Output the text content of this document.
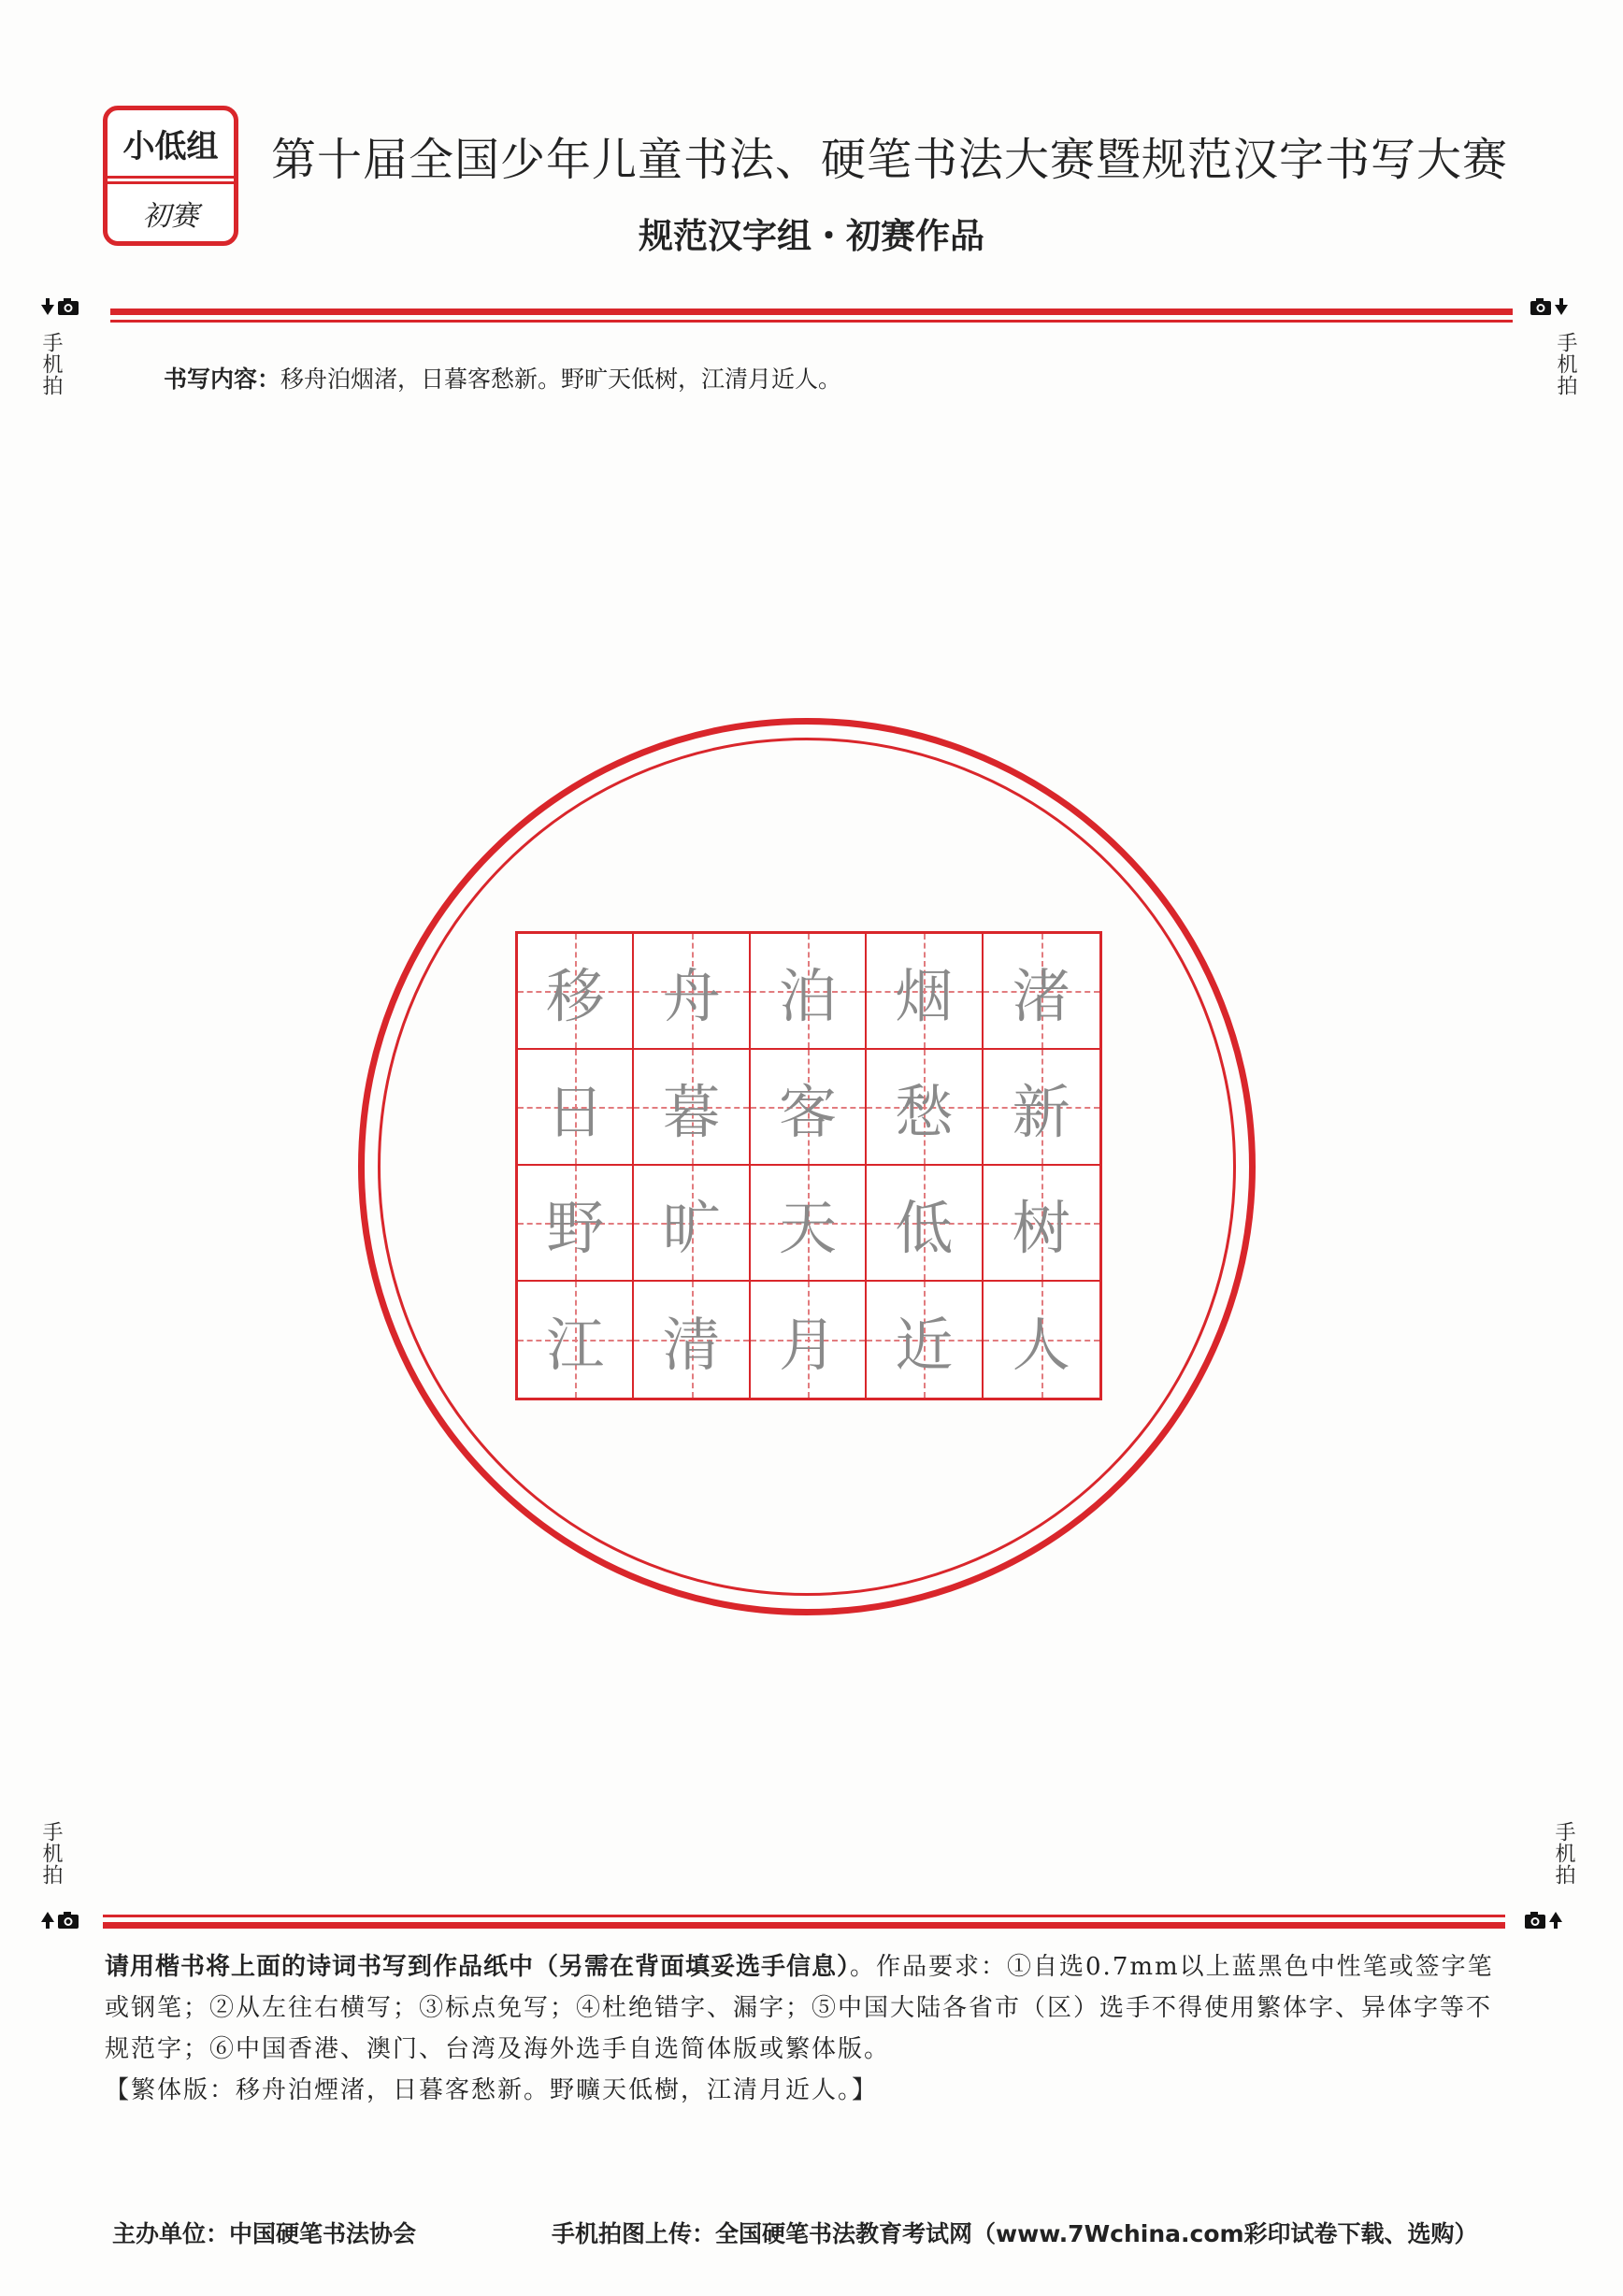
小低组
初赛
第十届全国少年儿童书法、硬笔书法大赛暨规范汉字书写大赛
规范汉字组・初赛作品
手机拍	手机拍
书写内容：移舟泊烟渚，日暮客愁新。野旷天低树，江清月近人。
移 舟 泊 烟 渚
日 暮 客 愁 新
野 旷 天 低 树
江 清 月 近 人
手机拍	手机拍
请用楷书将上面的诗词书写到作品纸中（另需在背面填妥选手信息）。作品要求：①自选0.7mm以上蓝黑色中性笔或签字笔或钢笔；②从左往右横写；③标点免写；④杜绝错字、漏字；⑤中国大陆各省市（区）选手不得使用繁体字、异体字等不规范字；⑥中国香港、澳门、台湾及海外选手自选简体版或繁体版。
【繁体版：移舟泊煙渚，日暮客愁新。野曠天低樹，江清月近人。】
主办单位：中国硬笔书法协会	手机拍图上传：全国硬笔书法教育考试网（www.7Wchina.com彩印试卷下载、选购）
